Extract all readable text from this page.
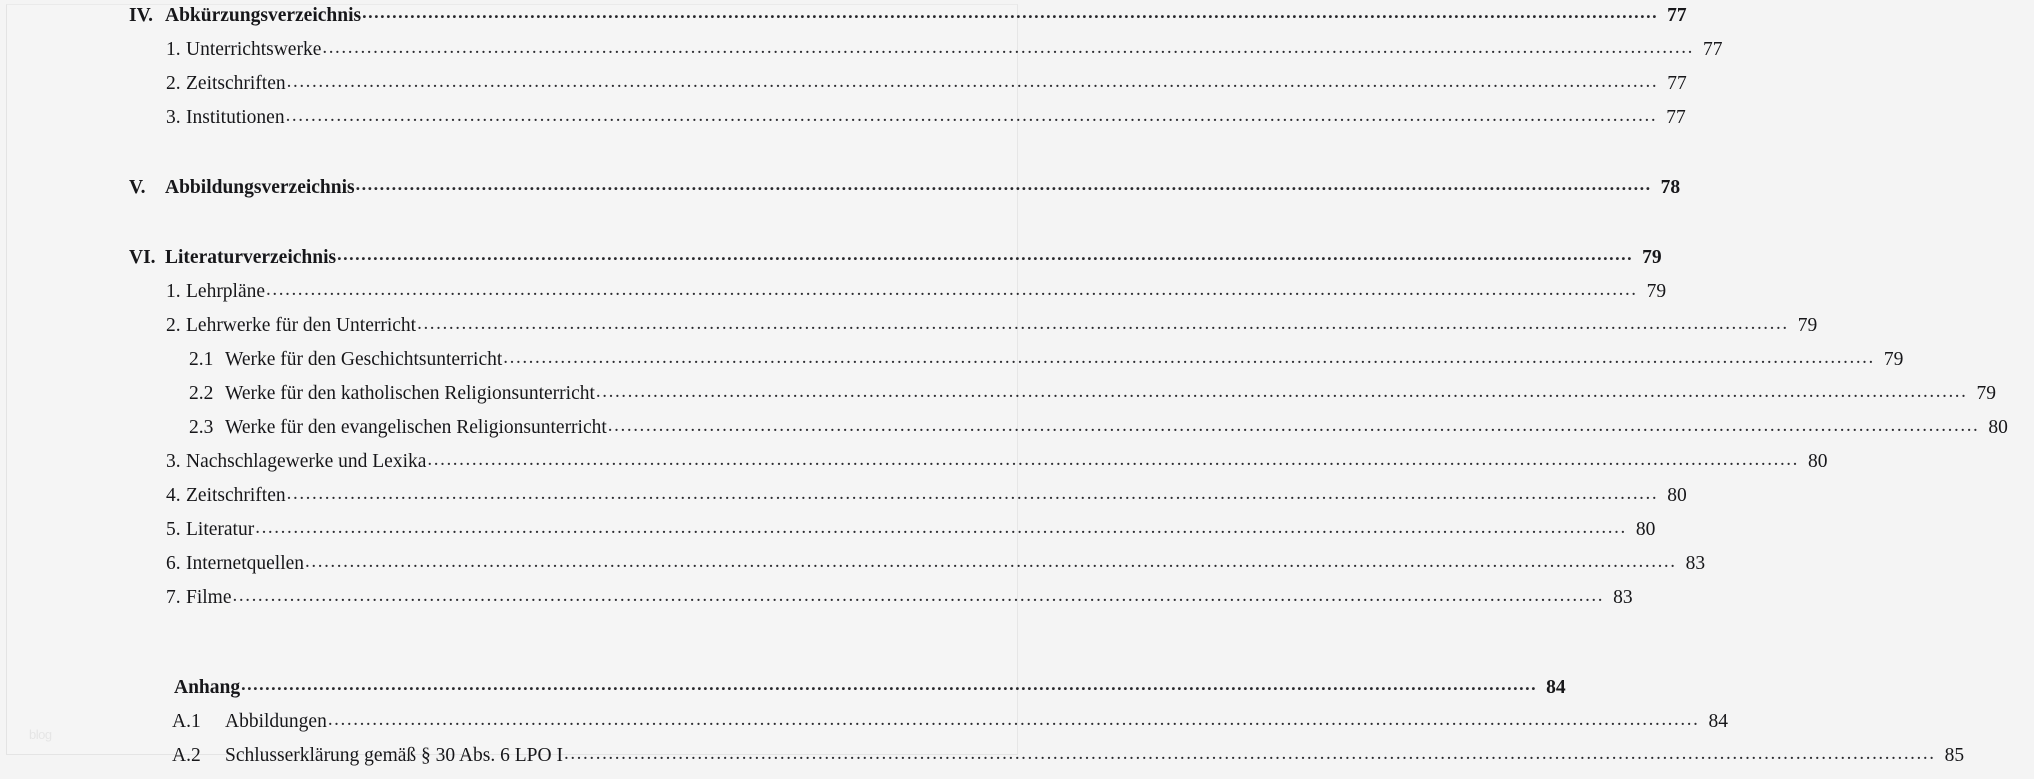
IV. Abkürzungsverzeichnis .....	77
1. Unterrichtswerke .....	77
2. Zeitschriften .....	77
3. Institutionen .....	77
V.	Abbildungsverzeichnis .....	78
VI. Literaturverzeichnis .....	79
1. Lehrpläne .....	79
2. Lehrwerke für den Unterricht .....	79
2.1 Werke für den Geschichtsunterricht .....	79
2.2 Werke für den katholischen Religionsunterricht .....	79
2.3 Werke für den evangelischen Religionsunterricht .....	80
3. Nachschlagewerke und Lexika .....	80
4. Zeitschriften .....	80
5. Literatur .....	80
6. Internetquellen .....	83
7. Filme .....	83
Anhang .....	84
A.1	Abbildungen .....	84
A.2	Schlusserklärung gemäß § 30 Abs. 6 LPO I .....	85
blog
